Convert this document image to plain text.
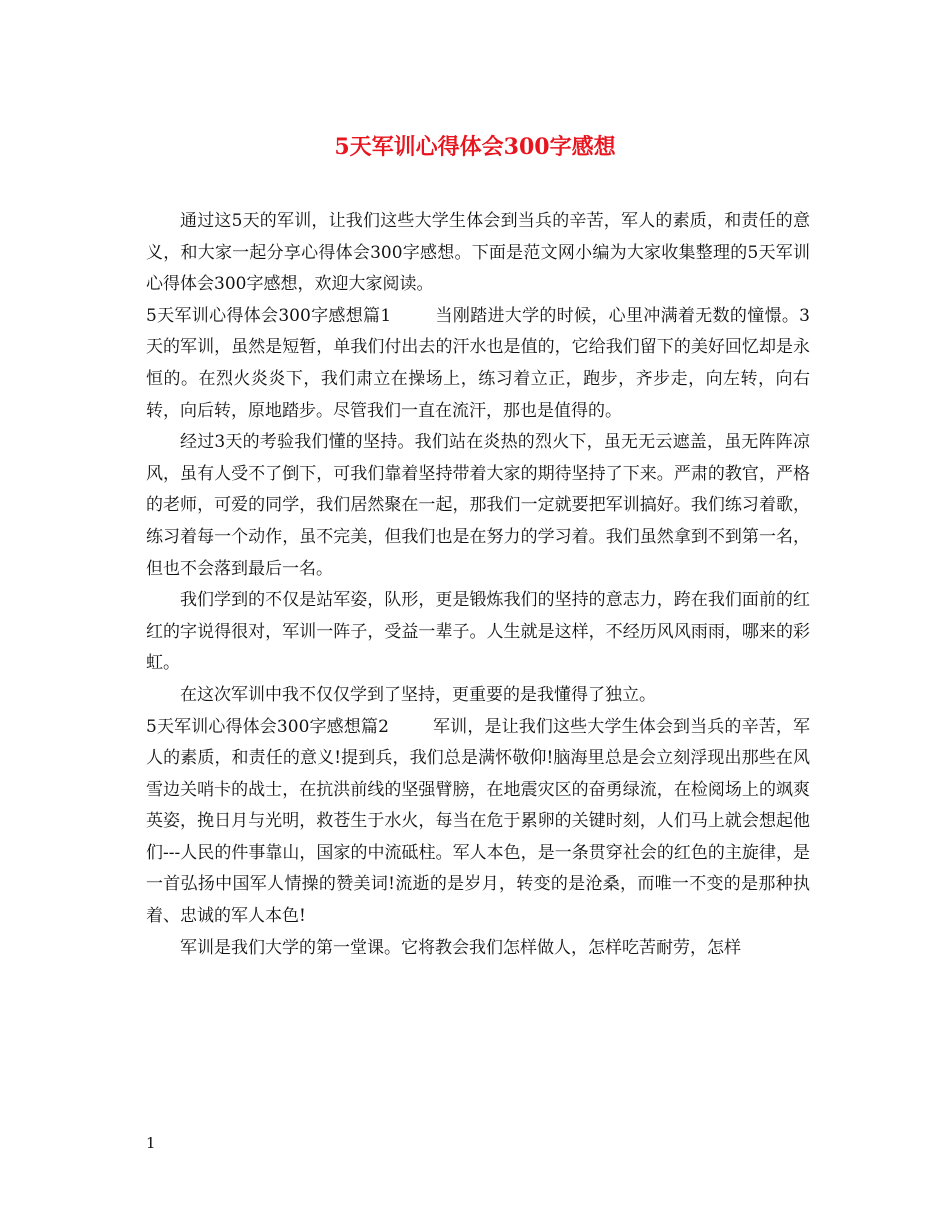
5天军训心得体会300字感想

通过这5天的军训，让我们这些大学生体会到当兵的辛苦，军人的素质，和责任的意义，和大家一起分享心得体会300字感想。下面是范文网小编为大家收集整理的5天军训心得体会300字感想，欢迎大家阅读。

5天军训心得体会300字感想篇1	当刚踏进大学的时候，心里冲满着无数的憧憬。3天的军训，虽然是短暂，单我们付出去的汗水也是值的，它给我们留下的美好回忆却是永恒的。在烈火炎炎下，我们肃立在操场上，练习着立正，跑步，齐步走，向左转，向右转，向后转，原地踏步。尽管我们一直在流汗，那也是值得的。

经过3天的考验我们懂的坚持。我们站在炎热的烈火下，虽无无云遮盖，虽无阵阵凉风，虽有人受不了倒下，可我们靠着坚持带着大家的期待坚持了下来。严肃的教官，严格的老师，可爱的同学，我们居然聚在一起，那我们一定就要把军训搞好。我们练习着歌，练习着每一个动作，虽不完美，但我们也是在努力的学习着。我们虽然拿到不到第一名，但也不会落到最后一名。

我们学到的不仅是站军姿，队形，更是锻炼我们的坚持的意志力，跨在我们面前的红红的字说得很对，军训一阵子，受益一辈子。人生就是这样，不经历风风雨雨，哪来的彩虹。

在这次军训中我不仅仅学到了坚持，更重要的是我懂得了独立。

5天军训心得体会300字感想篇2	军训，是让我们这些大学生体会到当兵的辛苦，军人的素质，和责任的意义!提到兵，我们总是满怀敬仰!脑海里总是会立刻浮现出那些在风雪边关哨卡的战士，在抗洪前线的坚强臂膀，在地震灾区的奋勇绿流，在检阅场上的飒爽英姿，挽日月与光明，救苍生于水火，每当在危于累卵的关键时刻，人们马上就会想起他们---人民的件事靠山，国家的中流砥柱。军人本色，是一条贯穿社会的红色的主旋律，是一首弘扬中国军人情操的赞美词!流逝的是岁月，转变的是沧桑，而唯一不变的是那种执着、忠诚的军人本色!

军训是我们大学的第一堂课。它将教会我们怎样做人，怎样吃苦耐劳，怎样

1
